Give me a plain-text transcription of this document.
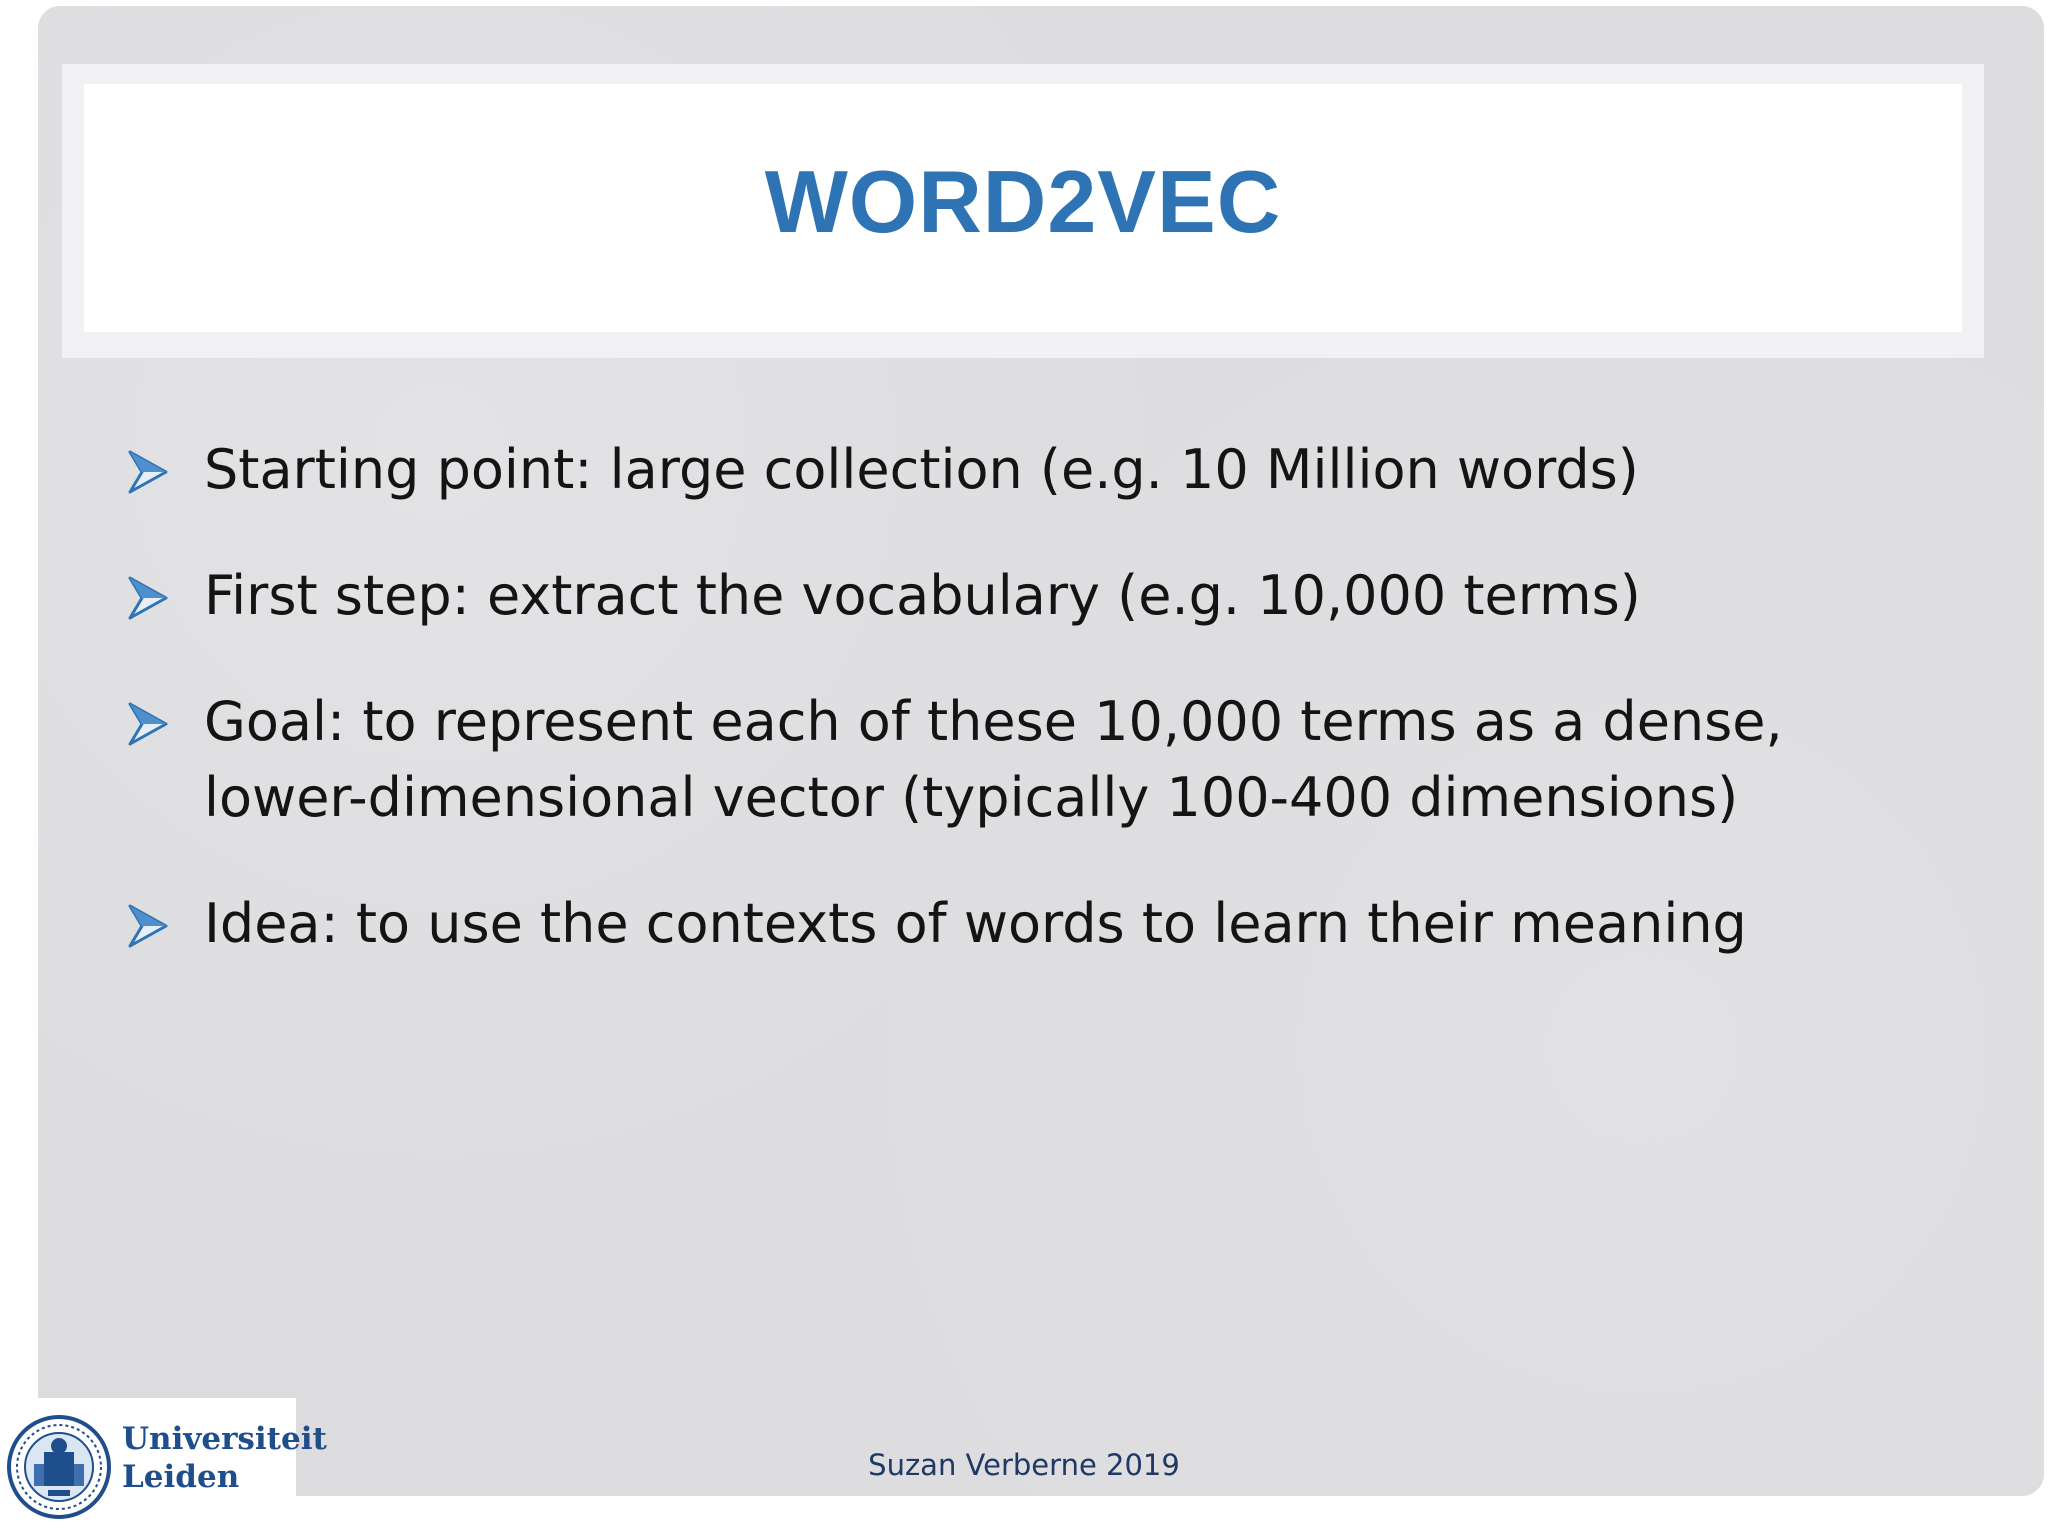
WORD2VEC
Starting point: large collection (e.g. 10 Million words)
First step: extract the vocabulary (e.g. 10,000 terms)
Goal: to represent each of these 10,000 terms as a dense, lower-dimensional vector (typically 100-400 dimensions)
Idea: to use the contexts of words to learn their meaning
Suzan Verberne 2019
Universiteit
Leiden
